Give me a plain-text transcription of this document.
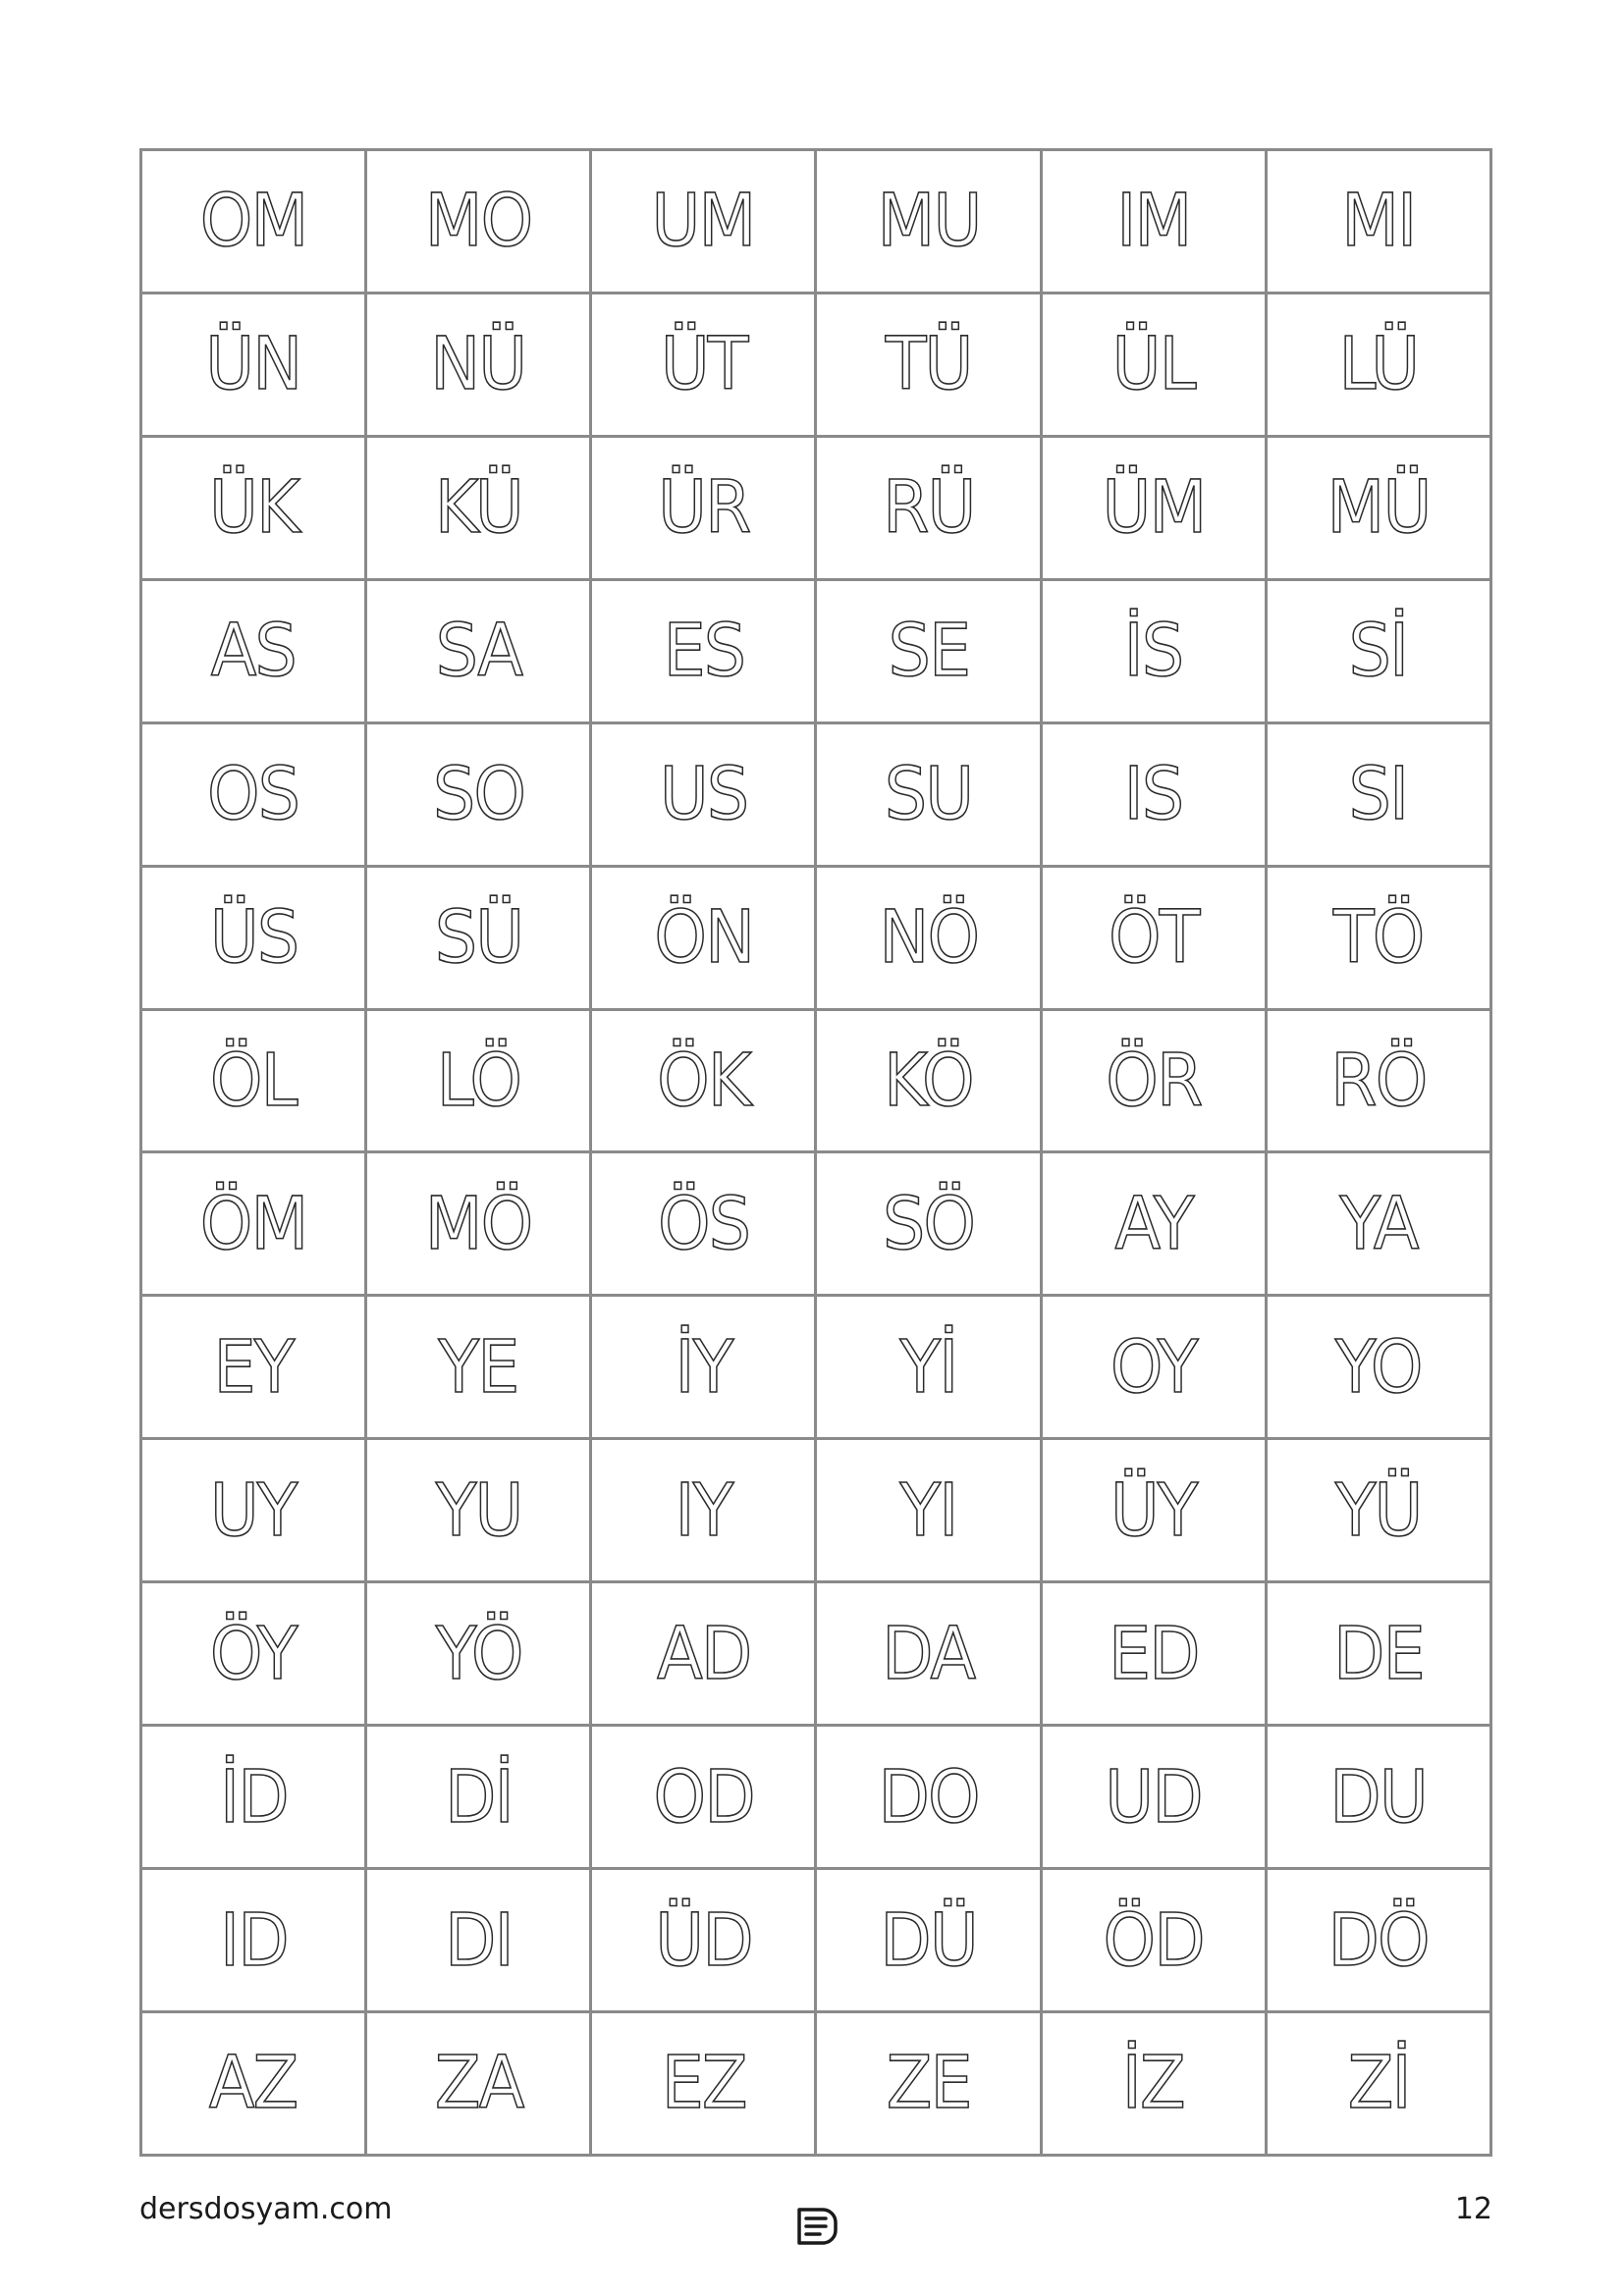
OM	MO	UM	MU	IM	MI
ÜN	NÜ	ÜT	TÜ	ÜL	LÜ
ÜK	KÜ	ÜR	RÜ	ÜM	MÜ
AS	SA	ES	SE	İS	Sİ
OS	SO	US	SU	IS	SI
ÜS	SÜ	ÖN	NÖ	ÖT	TÖ
ÖL	LÖ	ÖK	KÖ	ÖR	RÖ
ÖM	MÖ	ÖS	SÖ	AY	YA
EY	YE	İY	Yİ	OY	YO
UY	YU	IY	YI	ÜY	YÜ
ÖY	YÖ	AD	DA	ED	DE
İD	Dİ	OD	DO	UD	DU
ID	DI	ÜD	DÜ	ÖD	DÖ
AZ	ZA	EZ	ZE	İZ	Zİ
dersdosyam.com	12
